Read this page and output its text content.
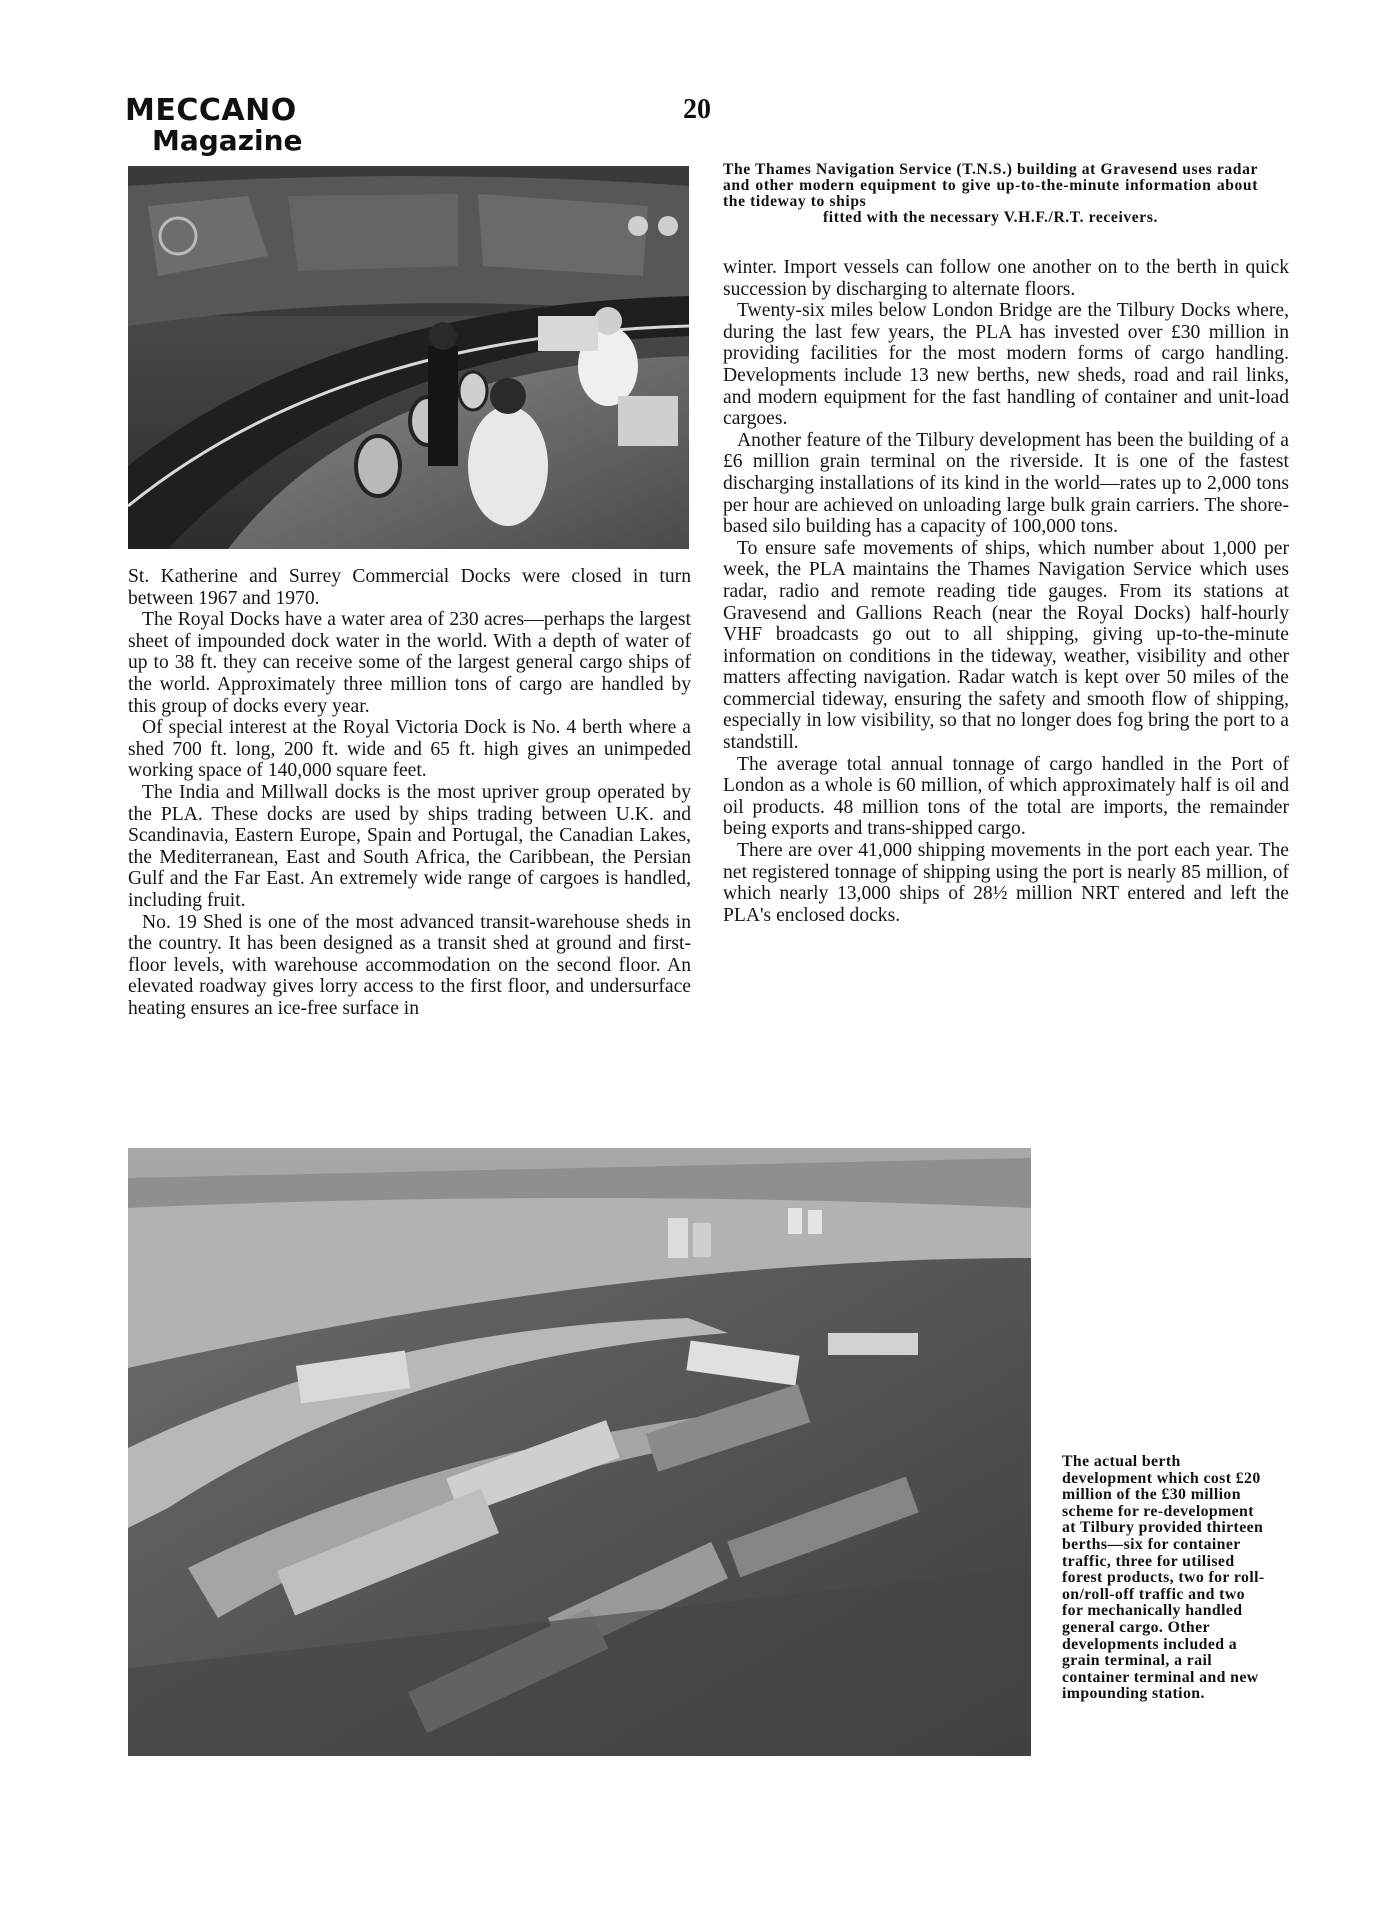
MECCANO
Magazine
20
The Thames Navigation Service (T.N.S.) building at Gravesend uses radar and other modern equipment to give up-to-the-minute information about the tideway to ships
fitted with the necessary V.H.F./R.T. receivers.

St. Katherine and Surrey Commercial Docks were closed in turn between 1967 and 1970.

The Royal Docks have a water area of 230 acres—perhaps the largest sheet of impounded dock water in the world. With a depth of water of up to 38 ft. they can receive some of the largest general cargo ships of the world. Approximately three million tons of cargo are handled by this group of docks every year.

Of special interest at the Royal Victoria Dock is No. 4 berth where a shed 700 ft. long, 200 ft. wide and 65 ft. high gives an unimpeded working space of 140,000 square feet.

The India and Millwall docks is the most upriver group operated by the PLA. These docks are used by ships trading between U.K. and Scandinavia, Eastern Europe, Spain and Portugal, the Canadian Lakes, the Mediterranean, East and South Africa, the Caribbean, the Persian Gulf and the Far East. An extremely wide range of cargoes is handled, including fruit.

No. 19 Shed is one of the most advanced transit-warehouse sheds in the country. It has been designed as a transit shed at ground and first-floor levels, with warehouse accommodation on the second floor. An elevated roadway gives lorry access to the first floor, and undersurface heating ensures an ice-free surface in

winter. Import vessels can follow one another on to the berth in quick succession by discharging to alternate floors.

Twenty-six miles below London Bridge are the Tilbury Docks where, during the last few years, the PLA has invested over £30 million in providing facilities for the most modern forms of cargo handling. Developments include 13 new berths, new sheds, road and rail links, and modern equipment for the fast handling of container and unit-load cargoes.

Another feature of the Tilbury development has been the building of a £6 million grain terminal on the riverside. It is one of the fastest discharging installations of its kind in the world—rates up to 2,000 tons per hour are achieved on unloading large bulk grain carriers. The shore-based silo building has a capacity of 100,000 tons.

To ensure safe movements of ships, which number about 1,000 per week, the PLA maintains the Thames Navigation Service which uses radar, radio and remote reading tide gauges. From its stations at Gravesend and Gallions Reach (near the Royal Docks) half-hourly VHF broadcasts go out to all shipping, giving up-to-the-minute information on conditions in the tideway, weather, visibility and other matters affecting navigation. Radar watch is kept over 50 miles of the commercial tideway, ensuring the safety and smooth flow of shipping, especially in low visibility, so that no longer does fog bring the port to a standstill.

The average total annual tonnage of cargo handled in the Port of London as a whole is 60 million, of which approximately half is oil and oil products. 48 million tons of the total are imports, the remainder being exports and trans-shipped cargo.

There are over 41,000 shipping movements in the port each year. The net registered tonnage of shipping using the port is nearly 85 million, of which nearly 13,000 ships of 28½ million NRT entered and left the PLA's enclosed docks.

The actual berth development which cost £20 million of the £30 million scheme for re-development at Tilbury provided thirteen berths—six for container traffic, three for utilised forest products, two for roll-on/roll-off traffic and two for mechanically handled general cargo. Other developments included a grain terminal, a rail container terminal and new impounding station.
